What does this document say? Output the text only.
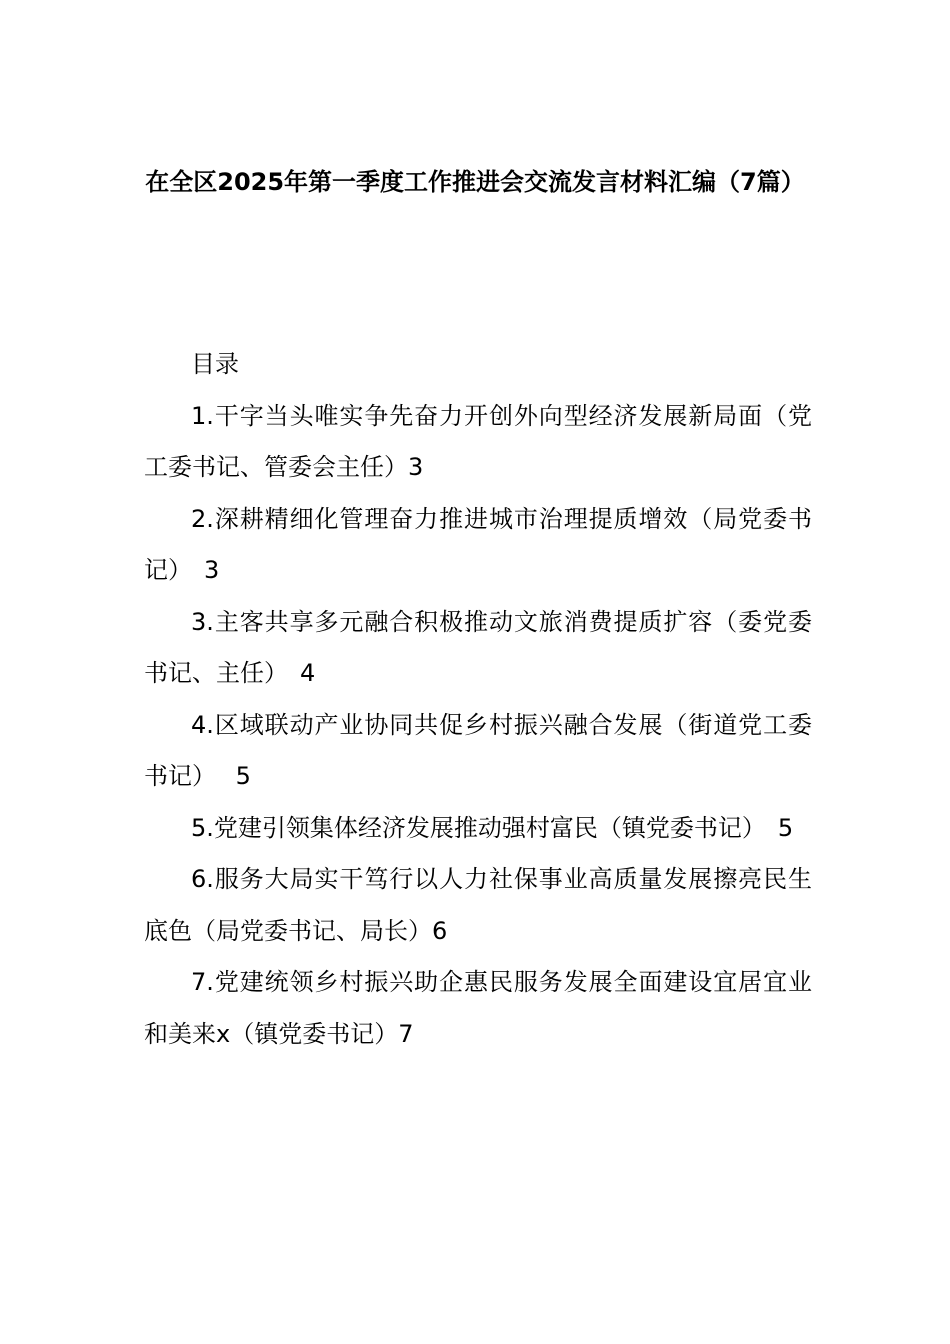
在全区2025年第一季度工作推进会交流发言材料汇编（7篇）

目录

1.干字当头唯实争先奋力开创外向型经济发展新局面（党工委书记、管委会主任）3

2.深耕精细化管理奋力推进城市治理提质增效（局党委书记）　3

3.主客共享多元融合积极推动文旅消费提质扩容（委党委书记、主任）　4

4.区域联动产业协同共促乡村振兴融合发展（街道党工委书记）　 5

5.党建引领集体经济发展推动强村富民（镇党委书记）　5

6.服务大局实干笃行以人力社保事业高质量发展擦亮民生底色（局党委书记、局长）6

7.党建统领乡村振兴助企惠民服务发展全面建设宜居宜业和美来x（镇党委书记）7
